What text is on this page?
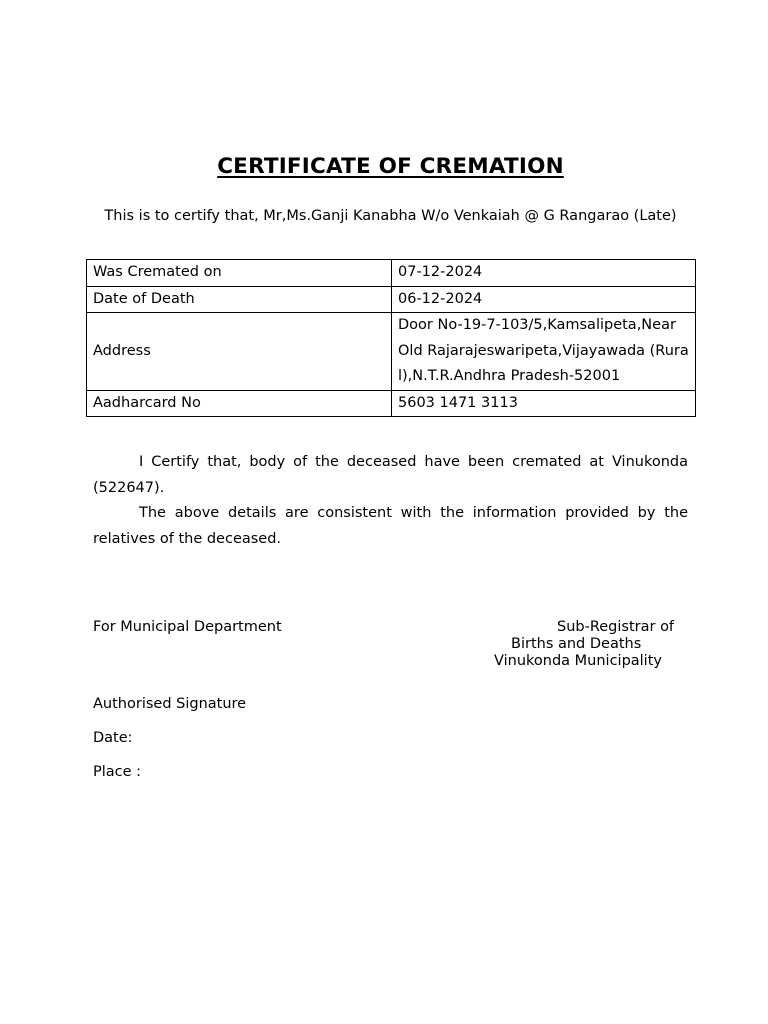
CERTIFICATE OF CREMATION
This is to certify that, Mr,Ms.Ganji Kanabha W/o Venkaiah @ G Rangarao (Late)
Was Cremated on	07-12-2024
Date of Death	06-12-2024
Address	Door No-19-7-103/5,Kamsalipeta,Near Old Rajarajeswaripeta,Vijayawada (Rural),N.T.R.Andhra Pradesh-52001
Aadharcard No	5603 1471 3113
I Certify that, body of the deceased have been cremated at Vinukonda (522647).
The above details are consistent with the information provided by the relatives of the deceased.
For Municipal Department	Sub-Registrar of
Births and Deaths
Vinukonda Municipality
Authorised Signature
Date:
Place :
